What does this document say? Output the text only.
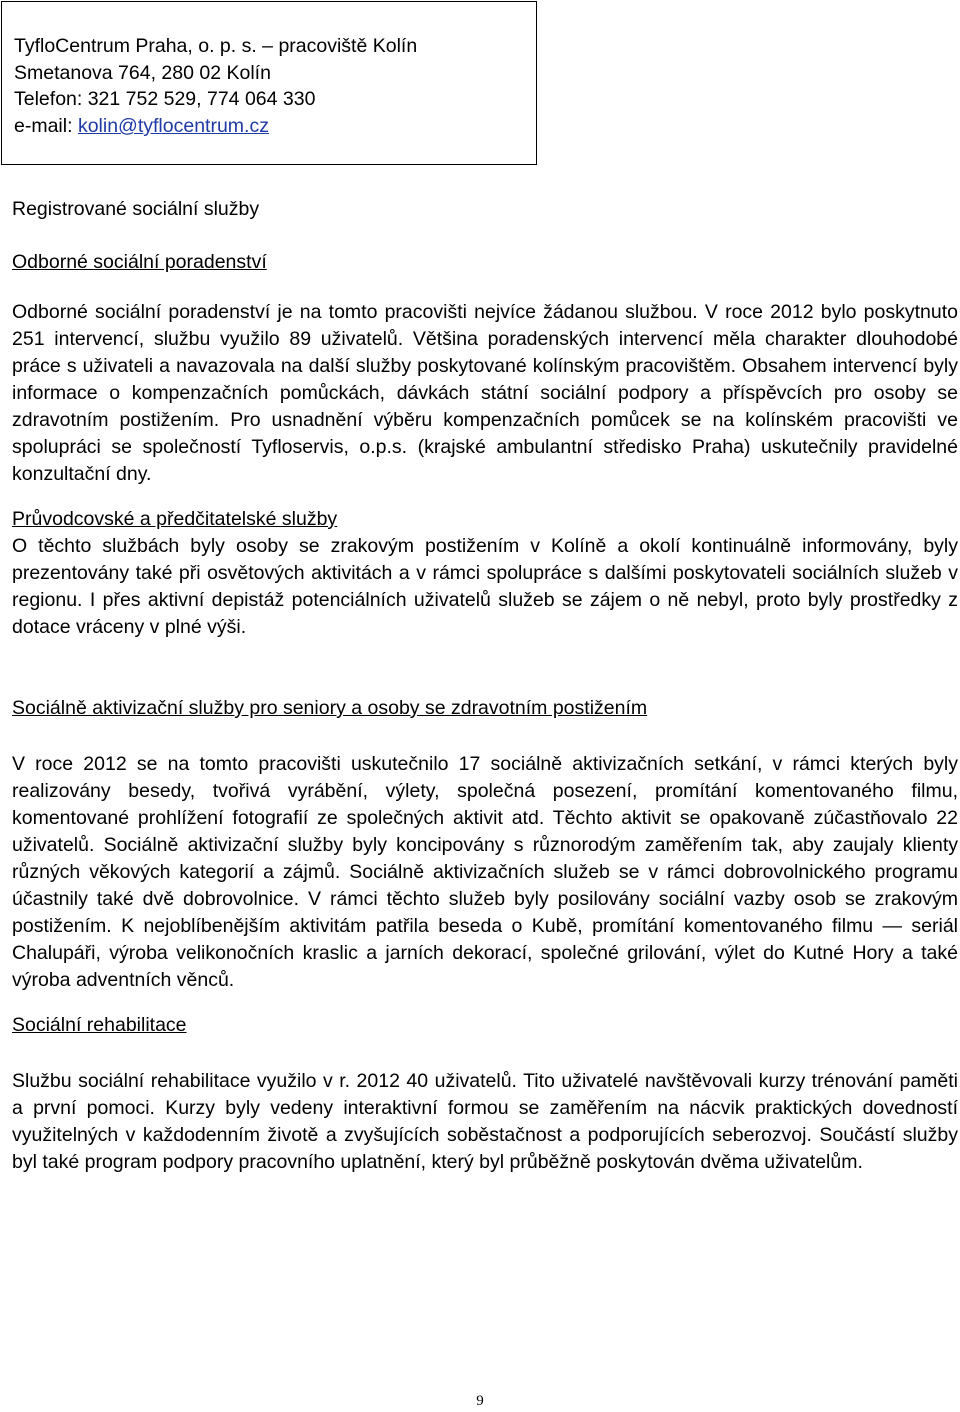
TyfloCentrum Praha, o. p. s. – pracoviště Kolín
Smetanova 764, 280 02 Kolín
Telefon: 321 752 529, 774 064 330
e-mail: kolin@tyflocentrum.cz
Registrované sociální služby
Odborné sociální poradenství

Odborné sociální poradenství je na tomto pracovišti nejvíce žádanou službou. V roce 2012 bylo poskytnuto 251 intervencí, službu využilo 89 uživatelů. Většina poradenských intervencí měla charakter dlouhodobé práce s uživateli a navazovala na další služby poskytované kolínským pracovištěm. Obsahem intervencí byly informace o kompenzačních pomůckách, dávkách státní sociální podpory a příspěvcích pro osoby se zdravotním postižením. Pro usnadnění výběru kompenzačních pomůcek se na kolínském pracovišti ve spolupráci se společností Tyfloservis, o.p.s. (krajské ambulantní středisko Praha) uskutečnily pravidelné konzultační dny.

Průvodcovské a předčitatelské služby

O těchto službách byly osoby se zrakovým postižením v Kolíně a okolí kontinuálně informovány, byly prezentovány také při osvětových aktivitách a v rámci spolupráce s dalšími poskytovateli sociálních služeb v regionu. I přes aktivní depistáž potenciálních uživatelů služeb se zájem o ně nebyl, proto byly prostředky z dotace vráceny v plné výši.

Sociálně aktivizační služby pro seniory a osoby se zdravotním postižením

V roce 2012 se na tomto pracovišti uskutečnilo 17 sociálně aktivizačních setkání, v rámci kterých byly realizovány besedy, tvořivá vyrábění, výlety, společná posezení, promítání komentovaného filmu, komentované prohlížení fotografií ze společných aktivit atd. Těchto aktivit se opakovaně zúčastňovalo 22 uživatelů. Sociálně aktivizační služby byly koncipovány s různorodým zaměřením tak, aby zaujaly klienty různých věkových kategorií a zájmů. Sociálně aktivizačních služeb se v rámci dobrovolnického programu účastnily také dvě dobrovolnice. V rámci těchto služeb byly posilovány sociální vazby osob se zrakovým postižením. K nejoblíbenějším aktivitám patřila beseda o Kubě, promítání komentovaného filmu — seriál Chalupáři, výroba velikonočních kraslic a jarních dekorací, společné grilování, výlet do Kutné Hory a také výroba adventních věnců.

Sociální rehabilitace

Službu sociální rehabilitace využilo v r. 2012 40 uživatelů. Tito uživatelé navštěvovali kurzy trénování paměti a první pomoci. Kurzy byly vedeny interaktivní formou se zaměřením na nácvik praktických dovedností využitelných v každodenním životě a zvyšujících soběstačnost a podporujících seberozvoj. Součástí služby byl také program podpory pracovního uplatnění, který byl průběžně poskytován dvěma uživatelům.

9
